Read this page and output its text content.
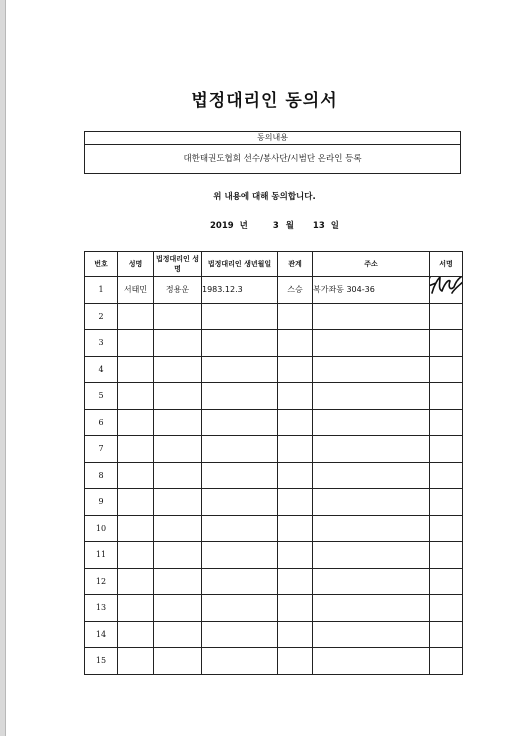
법정대리인 동의서
동의내용
대한태권도협회 선수/봉사단/시범단 온라인 등록
위 내용에 대해 동의합니다.
2019 년	3 월 13 일
번호	성명	법정대리인 성명	법정대리인 생년월일	관계	주소	서명
1	서태민	정용운	1983.12.3	스승	복가좌동 304-36	

2						
3						
4						
5						
6						
7						
8						
9						
10						
11						
12						
13						
14						
15						
